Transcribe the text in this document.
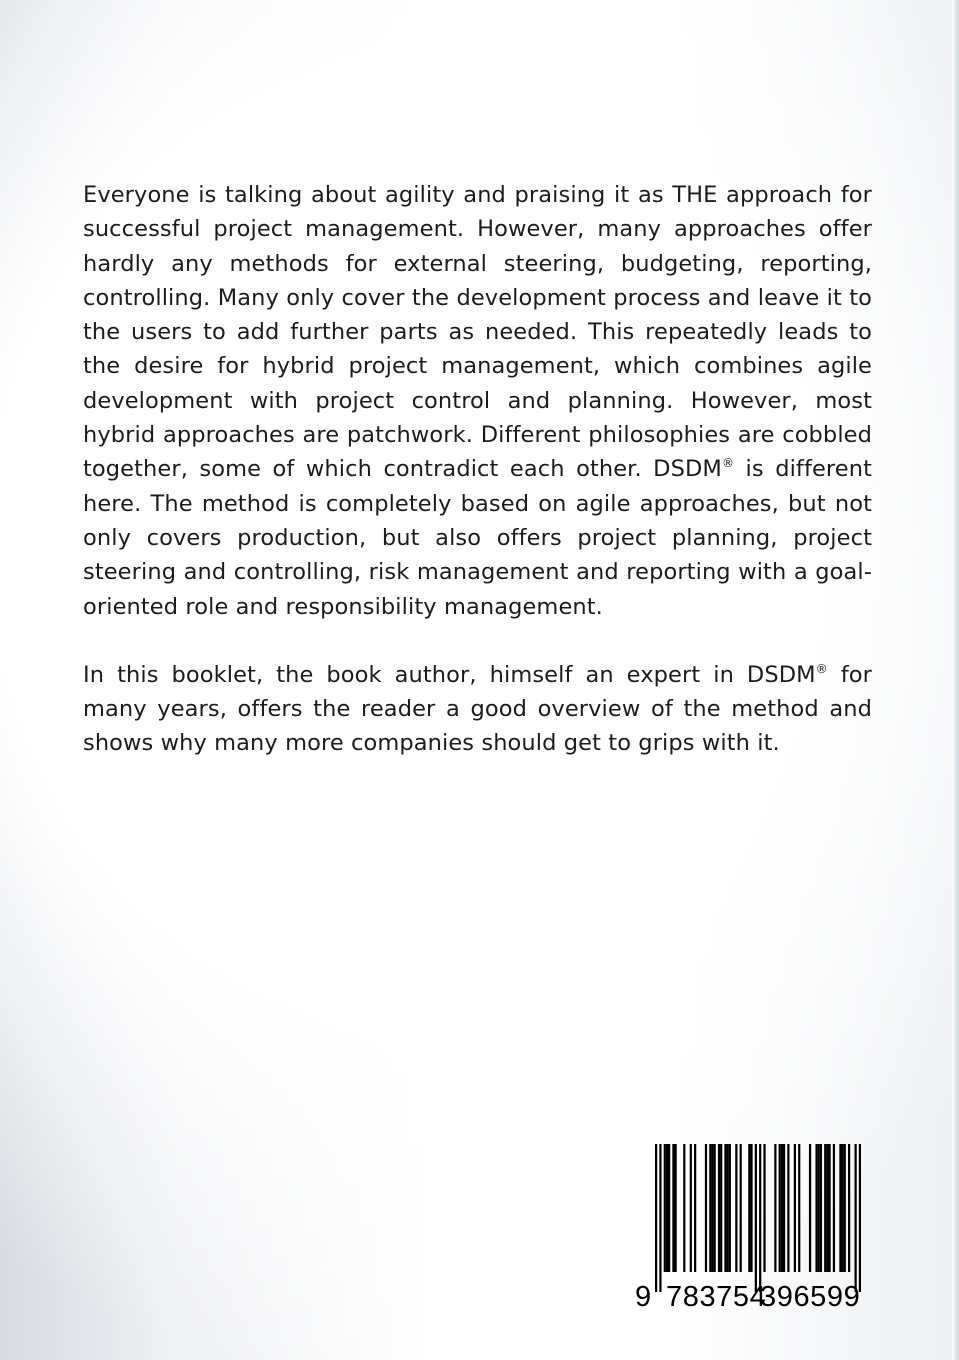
Everyone is talking about agility and praising it as THE approach for successful project management. However, many approaches offer hardly any methods for external steering, budgeting, reporting, controlling. Many only cover the development process and leave it to the users to add further parts as needed. This repeatedly leads to the desire for hybrid project management, which combines agile development with project control and planning. However, most hybrid approaches are patchwork. Different philosophies are cobbled together, some of which contradict each other. DSDM® is different here. The method is completely based on agile approaches, but not only covers production, but also offers project planning, project steering and controlling, risk management and reporting with a goal-oriented role and responsibility management.

In this booklet, the book author, himself an expert in DSDM® for many years, offers the reader a good overview of the method and shows why many more companies should get to grips with it.

9 783754
396599
